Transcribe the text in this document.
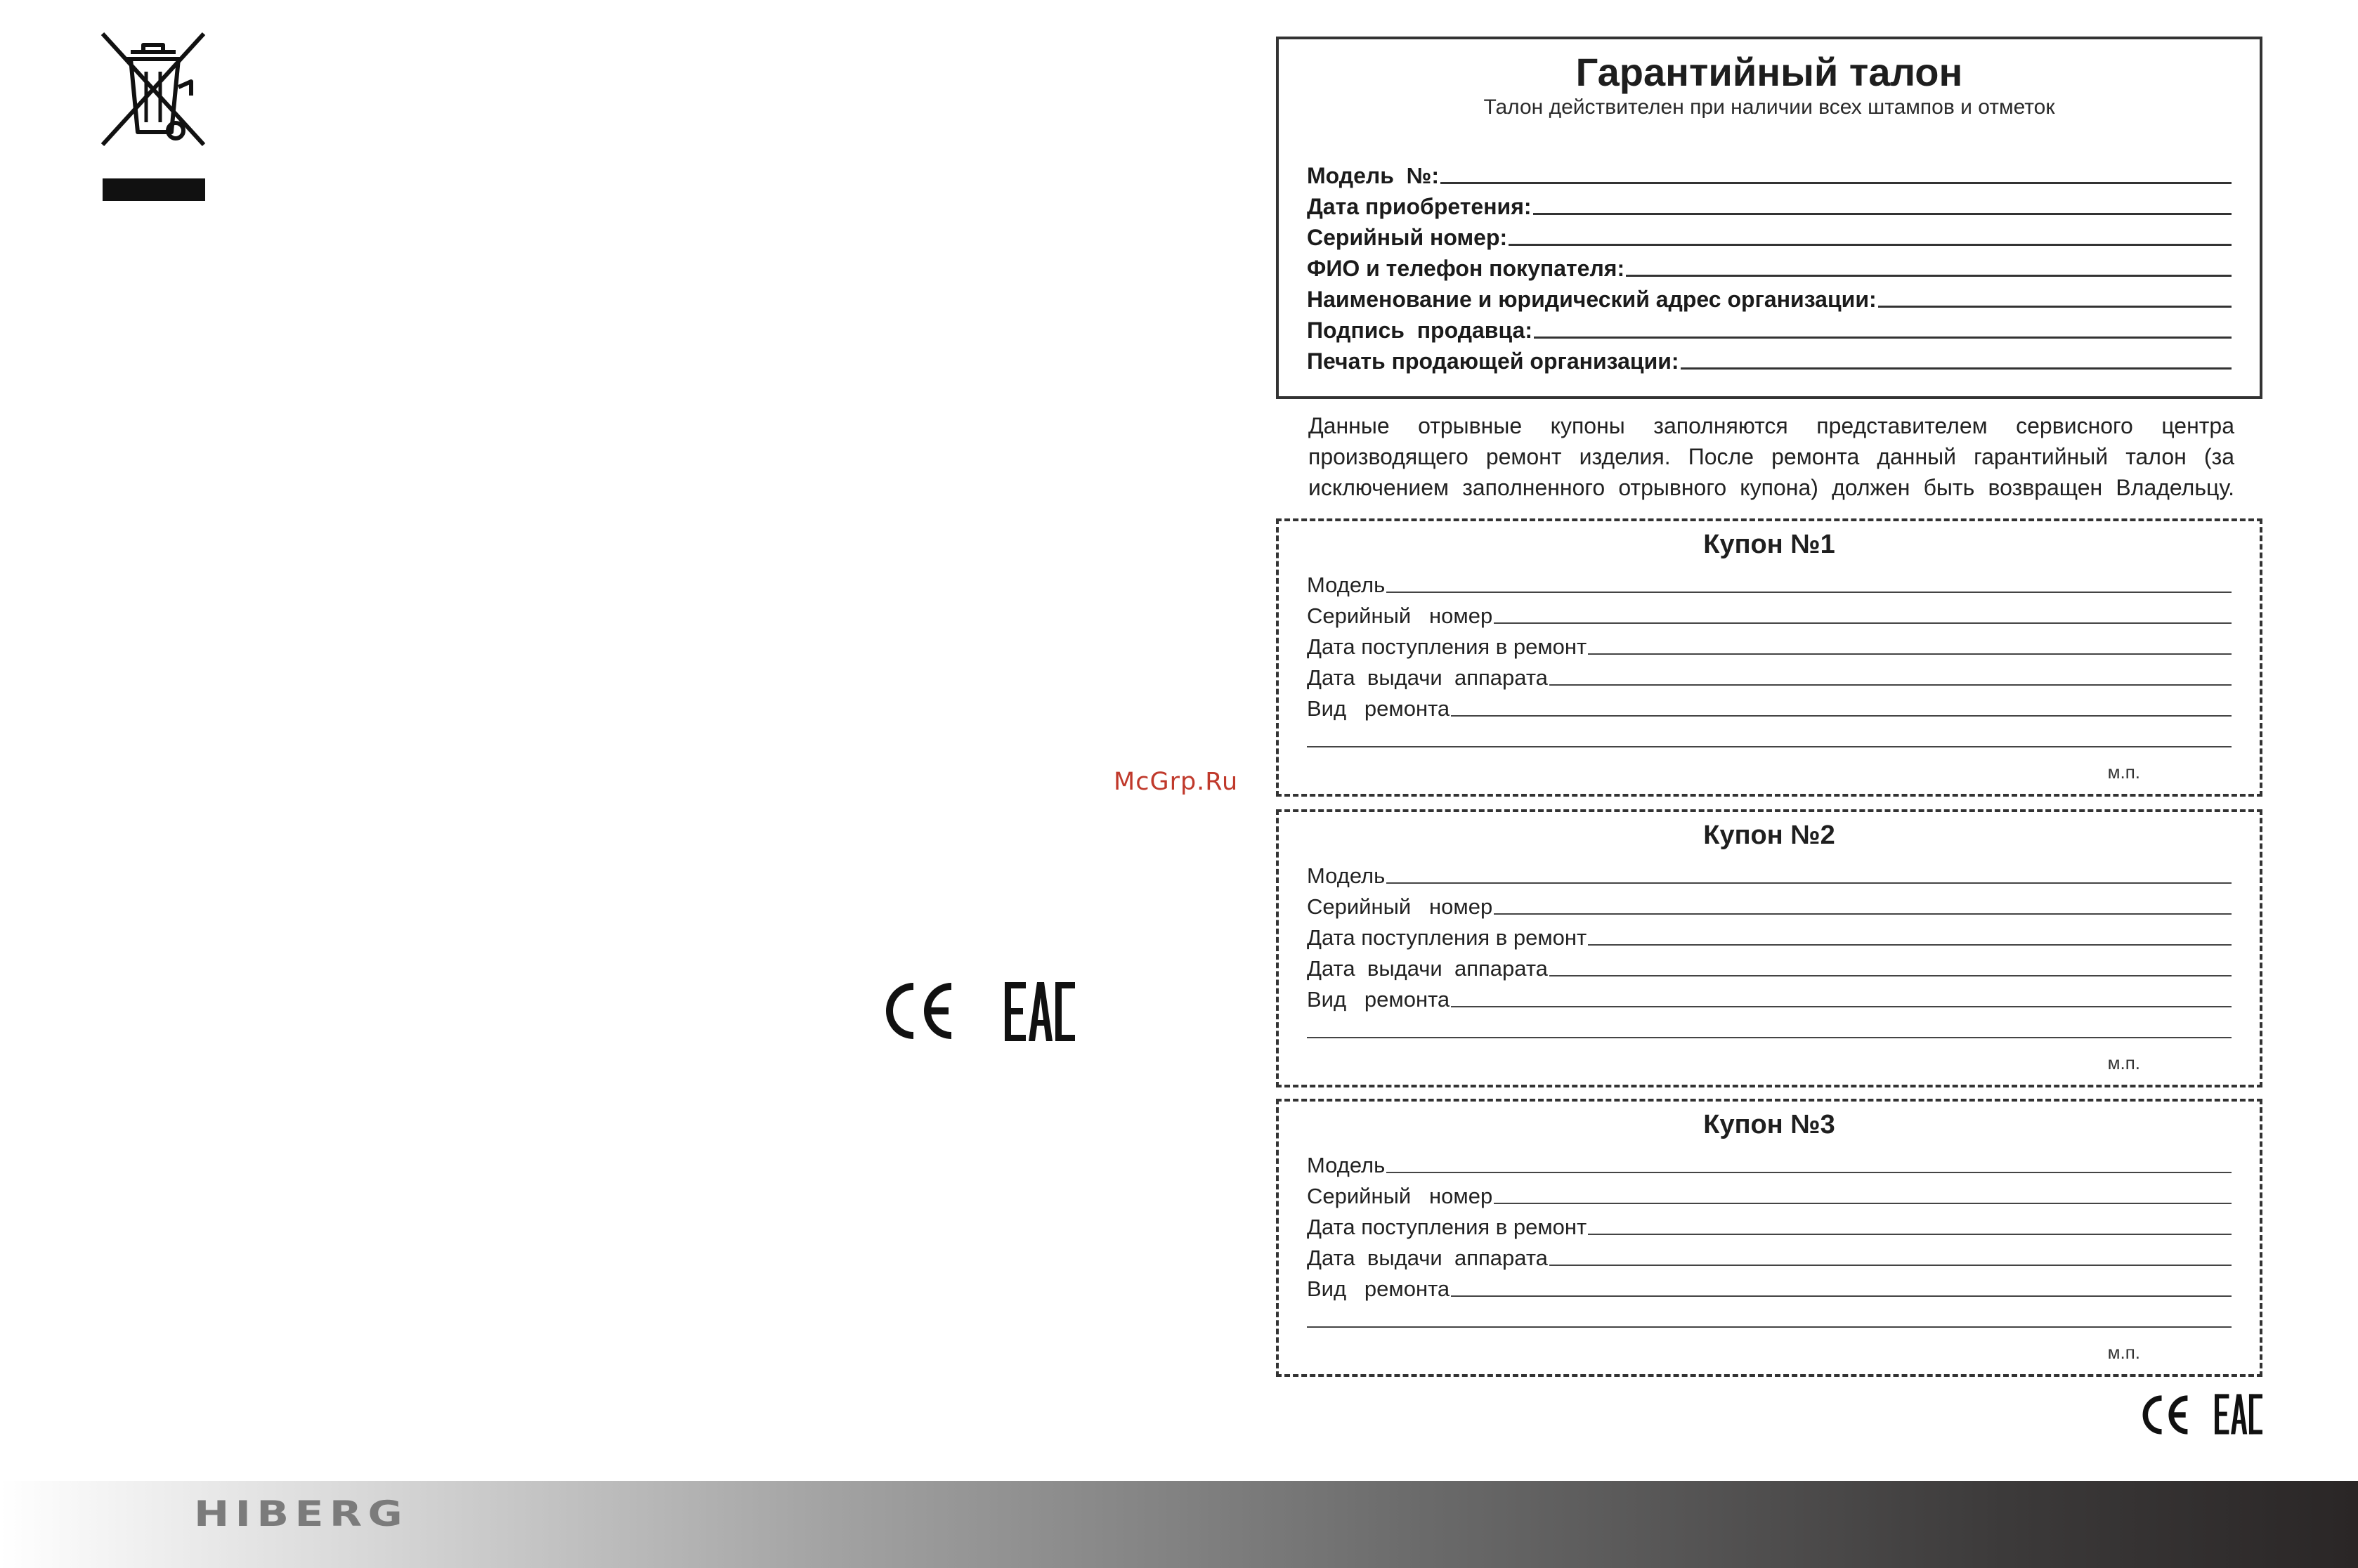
McGrp.Ru
Гарантийный талон
Талон действителен при наличии всех штампов и отметок
Модель  №:
Дата приобретения:
Серийный номер:
ФИО и телефон покупателя:
Наименование и юридический адрес организации:
Подпись  продавца:
Печать продающей организации:
Данные отрывные купоны заполняются представителем сервисного центра производящего ремонт изделия. После ремонта данный гарантийный талон (за исключением заполненного отрывного купона) должен быть возвращен Владельцу.
Купон №1
Модель
Серийный   номер
Дата поступления в ремонт
Дата  выдачи  аппарата
Вид   ремонта
м.п.
Купон №2
Модель
Серийный   номер
Дата поступления в ремонт
Дата  выдачи  аппарата
Вид   ремонта
м.п.
Купон №3
Модель
Серийный   номер
Дата поступления в ремонт
Дата  выдачи  аппарата
Вид   ремонта
м.п.
HIBERG
